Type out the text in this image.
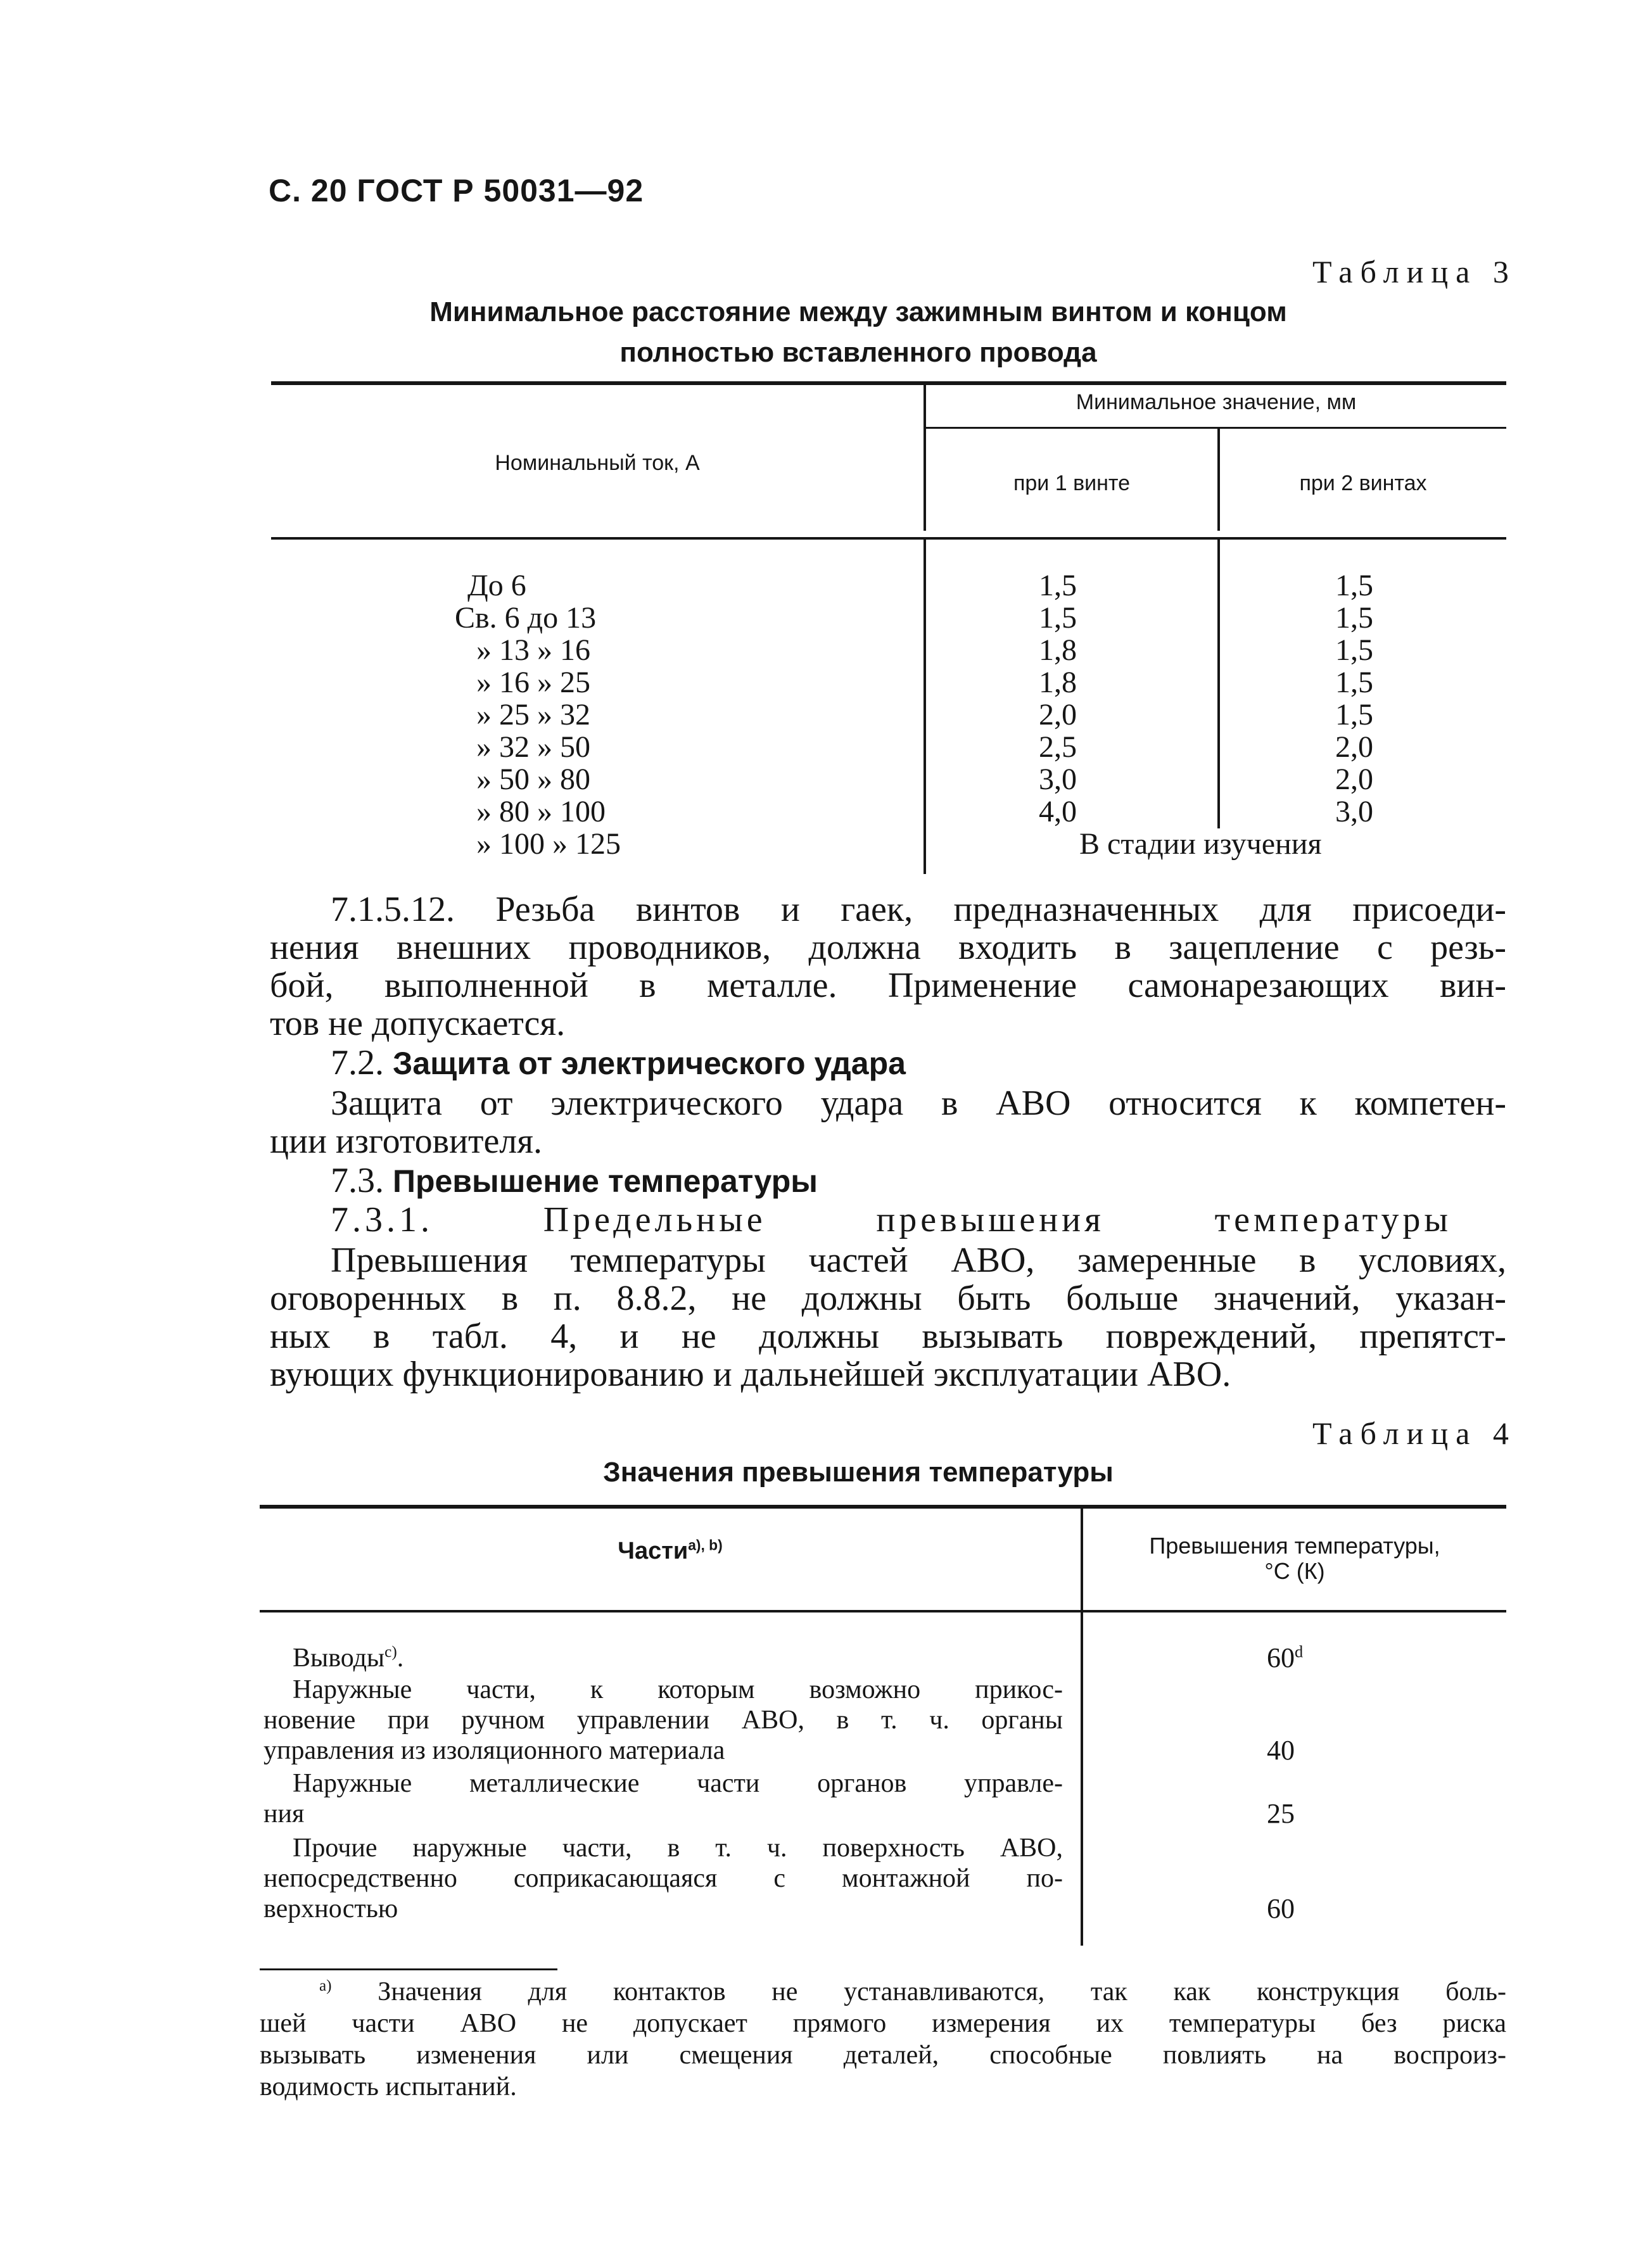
С. 20 ГОСТ Р 50031—92
Таблица 3
Минимальное расстояние между зажимным винтом и концом
полностью вставленного провода
Номинальный ток, А
Минимальное значение, мм
при 1 винте	при 2 винтах
До 6	1,5	1,5
Св. 6 до 13	1,5	1,5
» 13 » 16	1,8	1,5
» 16 » 25	1,8	1,5
» 25 » 32	2,0	1,5
» 32 » 50	2,5	2,0
» 50 » 80	3,0	2,0
» 80 » 100	4,0	3,0
» 100 » 125	В стадии изучения
7.1.5.12. Резьба винтов и гаек, предназначенных для присоеди-
нения внешних проводников, должна входить в зацепление с резь-
бой, выполненной в металле. Применение самонарезающих вин-
тов не допускается.
7.2. Защита от электрического удара
Защита от электрического удара в АВО относится к компетен-
ции изготовителя.
7.3. Превышение температуры
7.3.1. Предельные превышения температуры
Превышения температуры частей АВО, замеренные в условиях,
оговоренных в п. 8.8.2, не должны быть больше значений, указан-
ных в табл. 4, и не должны вызывать повреждений, препятст-
вующих функционированию и дальнейшей эксплуатации АВО.
Таблица 4
Значения превышения температуры
Части$^{a), b)}$	Превышения температуры,
°С (К)
Выводы$^{c)}$.	60$^d$
Наружные части, к которым возможно прикос-
новение при ручном управлении АВО, в т. ч. органы
управления из изоляционного материала	40
Наружные металлические части органов управле-
ния	25
Прочие наружные части, в т. ч. поверхность АВО,
непосредственно соприкасающаяся с монтажной по-
верхностью	60
$^{a)}$ Значения для контактов не устанавливаются, так как конструкция боль-
шей части АВО не допускает прямого измерения их температуры без риска
вызывать изменения или смещения деталей, способные повлиять на воспроиз-
водимость испытаний.
